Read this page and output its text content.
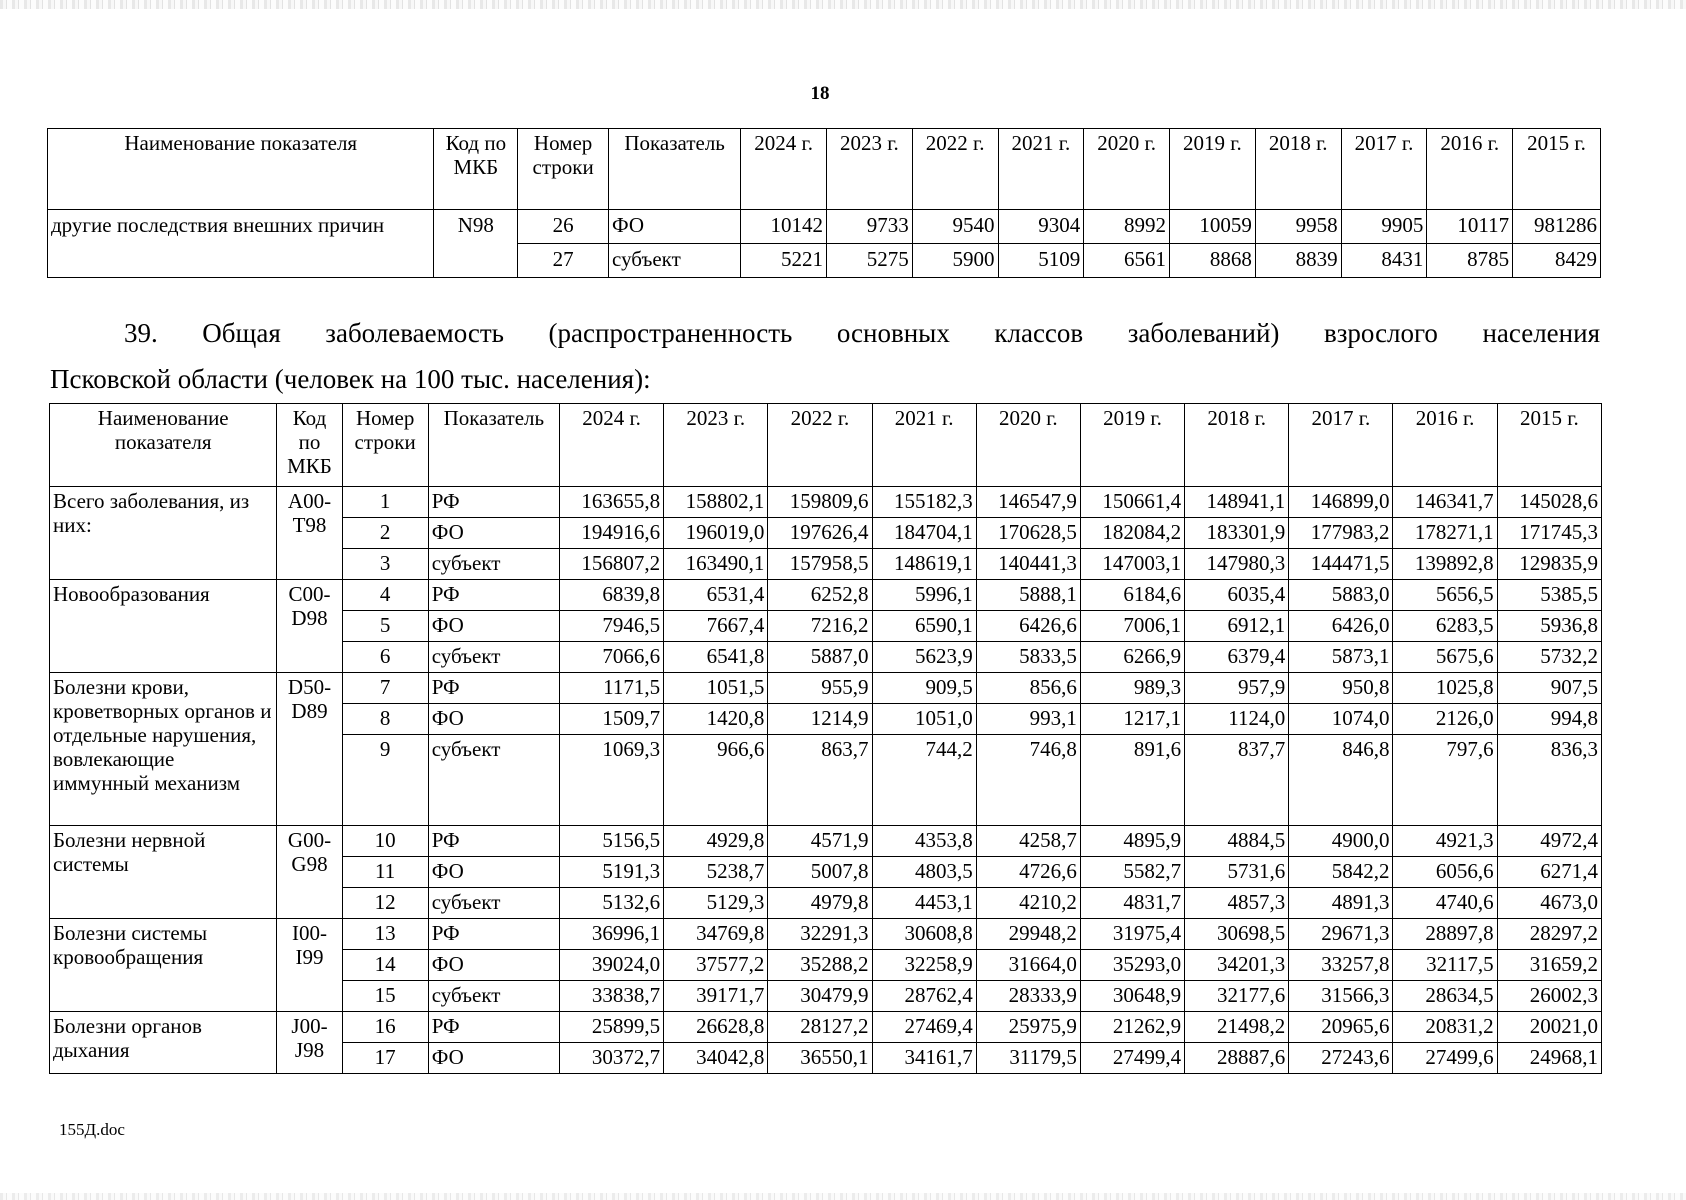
18
Наименование показателя	Код по МКБ	Номер строки	Показатель	2024 г.	2023 г.	2022 г.	2021 г.	2020 г.	2019 г.	2018 г.	2017 г.	2016 г.	2015 г.
другие последствия внешних причин	N98	26	ФО	10142	9733	9540	9304	8992	10059	9958	9905	10117	981286
		27	субъект	5221	5275	5900	5109	6561	8868	8839	8431	8785	8429
39. Общая заболеваемость (распространенность основных классов заболеваний) взрослого населения
Псковской области (человек на 100 тыс. населения):
Наименование показателя	Код по МКБ	Номер строки	Показатель	2024 г.	2023 г.	2022 г.	2021 г.	2020 г.	2019 г.	2018 г.	2017 г.	2016 г.	2015 г.
Всего заболевания, из них:	A00-T98	1	РФ	163655,8	158802,1	159809,6	155182,3	146547,9	150661,4	148941,1	146899,0	146341,7	145028,6
		2	ФО	194916,6	196019,0	197626,4	184704,1	170628,5	182084,2	183301,9	177983,2	178271,1	171745,3
		3	субъект	156807,2	163490,1	157958,5	148619,1	140441,3	147003,1	147980,3	144471,5	139892,8	129835,9
Новообразования	C00-D98	4	РФ	6839,8	6531,4	6252,8	5996,1	5888,1	6184,6	6035,4	5883,0	5656,5	5385,5
		5	ФО	7946,5	7667,4	7216,2	6590,1	6426,6	7006,1	6912,1	6426,0	6283,5	5936,8
		6	субъект	7066,6	6541,8	5887,0	5623,9	5833,5	6266,9	6379,4	5873,1	5675,6	5732,2
Болезни крови, кроветворных органов и отдельные нарушения, вовлекающие иммунный механизм	D50-D89	7	РФ	1171,5	1051,5	955,9	909,5	856,6	989,3	957,9	950,8	1025,8	907,5
		8	ФО	1509,7	1420,8	1214,9	1051,0	993,1	1217,1	1124,0	1074,0	2126,0	994,8
		9	субъект	1069,3	966,6	863,7	744,2	746,8	891,6	837,7	846,8	797,6	836,3
Болезни нервной системы	G00-G98	10	РФ	5156,5	4929,8	4571,9	4353,8	4258,7	4895,9	4884,5	4900,0	4921,3	4972,4
		11	ФО	5191,3	5238,7	5007,8	4803,5	4726,6	5582,7	5731,6	5842,2	6056,6	6271,4
		12	субъект	5132,6	5129,3	4979,8	4453,1	4210,2	4831,7	4857,3	4891,3	4740,6	4673,0
Болезни системы кровообращения	I00-I99	13	РФ	36996,1	34769,8	32291,3	30608,8	29948,2	31975,4	30698,5	29671,3	28897,8	28297,2
		14	ФО	39024,0	37577,2	35288,2	32258,9	31664,0	35293,0	34201,3	33257,8	32117,5	31659,2
		15	субъект	33838,7	39171,7	30479,9	28762,4	28333,9	30648,9	32177,6	31566,3	28634,5	26002,3
Болезни органов дыхания	J00-J98	16	РФ	25899,5	26628,8	28127,2	27469,4	25975,9	21262,9	21498,2	20965,6	20831,2	20021,0
		17	ФО	30372,7	34042,8	36550,1	34161,7	31179,5	27499,4	28887,6	27243,6	27499,6	24968,1
155Д.doc
